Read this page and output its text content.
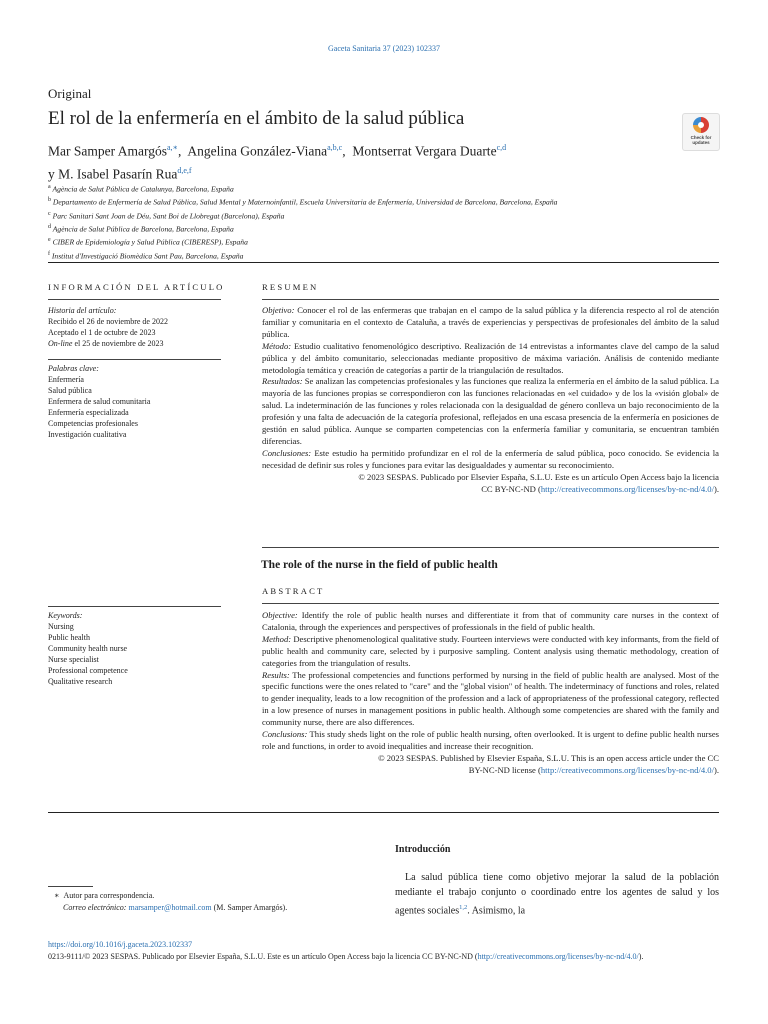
Gaceta Sanitaria 37 (2023) 102337
Original
El rol de la enfermería en el ámbito de la salud pública
Check for updates
Mar Samper Amargós$^{a,∗}$, Angelina González-Viana$^{a,b,c}$, Montserrat Vergara Duarte$^{c,d}$
y M. Isabel Pasarín Rua$^{d,e,f}$
$^a$ Agència de Salut Pública de Catalunya, Barcelona, España
$^b$ Departamento de Enfermería de Salud Pública, Salud Mental y Maternoinfantil, Escuela Universitaria de Enfermería, Universidad de Barcelona, Barcelona, España
$^c$ Parc Sanitari Sant Joan de Déu, Sant Boi de Llobregat (Barcelona), España
$^d$ Agència de Salut Pública de Barcelona, Barcelona, España
$^e$ CIBER de Epidemiología y Salud Pública (CIBERESP), España
$^f$ Institut d'Investigació Biomèdica Sant Pau, Barcelona, España
INFORMACIÓN DEL ARTÍCULO
Historia del artículo:
Recibido el 26 de noviembre de 2022
Aceptado el 1 de octubre de 2023
On-line el 25 de noviembre de 2023
Palabras clave:
Enfermería
Salud pública
Enfermera de salud comunitaria
Enfermería especializada
Competencias profesionales
Investigación cualitativa
RESUMEN
Objetivo: Conocer el rol de las enfermeras que trabajan en el campo de la salud pública y la diferencia respecto al rol de atención familiar y comunitaria en el contexto de Cataluña, a través de experiencias y perspectivas de profesionales del ámbito de la salud pública.
Método: Estudio cualitativo fenomenológico descriptivo. Realización de 14 entrevistas a informantes clave del campo de la salud pública y del ámbito comunitario, seleccionadas mediante propositivo de máxima variación. Análisis de contenido mediante metodología temática y creación de categorías a partir de la triangulación de resultados.
Resultados: Se analizan las competencias profesionales y las funciones que realiza la enfermería en el ámbito de la salud pública. La mayoría de las funciones propias se correspondieron con las funciones relacionadas en «el cuidado» y de los la «visión global» de salud. La indeterminación de las funciones y roles relacionada con la desigualdad de género conlleva un bajo reconocimiento de la profesión y una falta de adecuación de la categoría profesional, reflejados en una escasa presencia de la enfermería en posiciones de gestión en salud pública. Aunque se comparten competencias con la enfermería familiar y comunitaria, se encuentran también diferencias.
Conclusiones: Este estudio ha permitido profundizar en el rol de la enfermería de salud pública, poco conocido. Se evidencia la necesidad de definir sus roles y funciones para evitar las desigualdades y aumentar su reconocimiento.
© 2023 SESPAS. Publicado por Elsevier España, S.L.U. Este es un artículo Open Access bajo la licencia
CC BY-NC-ND (http://creativecommons.org/licenses/by-nc-nd/4.0/).
The role of the nurse in the field of public health
ABSTRACT
Keywords:
Nursing
Public health
Community health nurse
Nurse specialist
Professional competence
Qualitative research
Objective: Identify the role of public health nurses and differentiate it from that of community care nurses in the context of Catalonia, through the experiences and perspectives of professionals in the field of public health.
Method: Descriptive phenomenological qualitative study. Fourteen interviews were conducted with key informants, from the field of public health and community care, selected by i purposive sampling. Content analysis using thematic methodology, creation of categories from the triangulation of results.
Results: The professional competencies and functions performed by nursing in the field of public health are analysed. Most of the specific functions were the ones related to "care" and the "global vision" of health. The indeterminacy of functions and roles, related to gender inequality, leads to a low recognition of the profession and a lack of appropriateness of the professional category, reflected in a low presence of nurses in management positions in public health. Although some competencies are shared with the family and community nurse, there are also differences.
Conclusions: This study sheds light on the role of public health nursing, often overlooked. It is urgent to define public health nurses role and functions, in order to avoid inequalities and increase their recognition.
© 2023 SESPAS. Published by Elsevier España, S.L.U. This is an open access article under the CC
BY-NC-ND license (http://creativecommons.org/licenses/by-nc-nd/4.0/).
Introducción
La salud pública tiene como objetivo mejorar la salud de la población mediante el trabajo conjunto o coordinado entre los agentes de salud y los agentes sociales$^{1,2}$. Asimismo, la
∗ Autor para correspondencia.
Correo electrónico: marsamper@hotmail.com (M. Samper Amargós).
https://doi.org/10.1016/j.gaceta.2023.102337
0213-9111/© 2023 SESPAS. Publicado por Elsevier España, S.L.U. Este es un artículo Open Access bajo la licencia CC BY-NC-ND (http://creativecommons.org/licenses/by-nc-nd/4.0/).
